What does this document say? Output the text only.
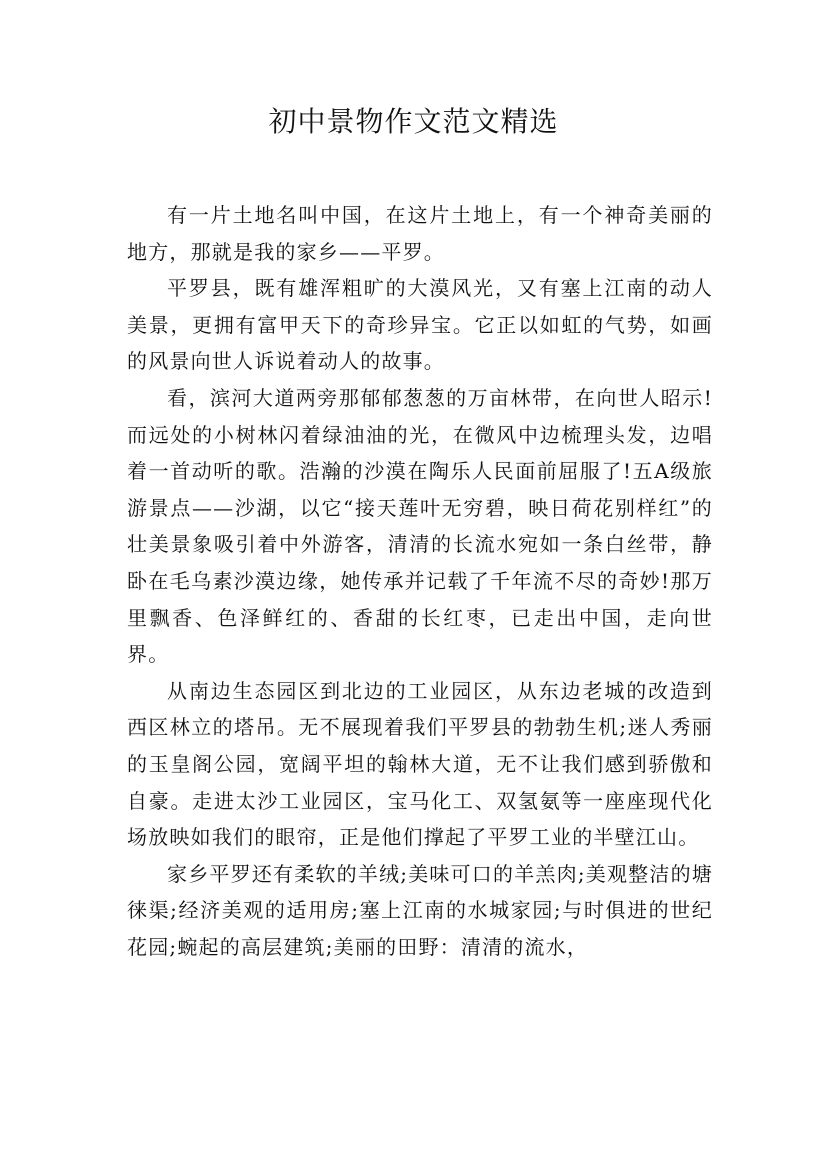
初中景物作文范文精选

有一片土地名叫中国，在这片土地上，有一个神奇美丽的地方，那就是我的家乡——平罗。

平罗县，既有雄浑粗旷的大漠风光，又有塞上江南的动人美景，更拥有富甲天下的奇珍异宝。它正以如虹的气势，如画的风景向世人诉说着动人的故事。

看，滨河大道两旁那郁郁葱葱的万亩林带，在向世人昭示!而远处的小树林闪着绿油油的光，在微风中边梳理头发，边唱着一首动听的歌。浩瀚的沙漠在陶乐人民面前屈服了!五A级旅游景点——沙湖，以它“接天莲叶无穷碧，映日荷花别样红”的壮美景象吸引着中外游客，清清的长流水宛如一条白丝带，静卧在毛乌素沙漠边缘，她传承并记载了千年流不尽的奇妙!那万里飘香、色泽鲜红的、香甜的长红枣，已走出中国，走向世界。

从南边生态园区到北边的工业园区，从东边老城的改造到西区林立的塔吊。无不展现着我们平罗县的勃勃生机;迷人秀丽的玉皇阁公园，宽阔平坦的翰林大道，无不让我们感到骄傲和自豪。走进太沙工业园区，宝马化工、双氢氨等一座座现代化场放映如我们的眼帘，正是他们撑起了平罗工业的半壁江山。

家乡平罗还有柔软的羊绒;美味可口的羊羔肉;美观整洁的塘徕渠;经济美观的适用房;塞上江南的水城家园;与时俱进的世纪花园;蜿起的高层建筑;美丽的田野：清清的流水，
